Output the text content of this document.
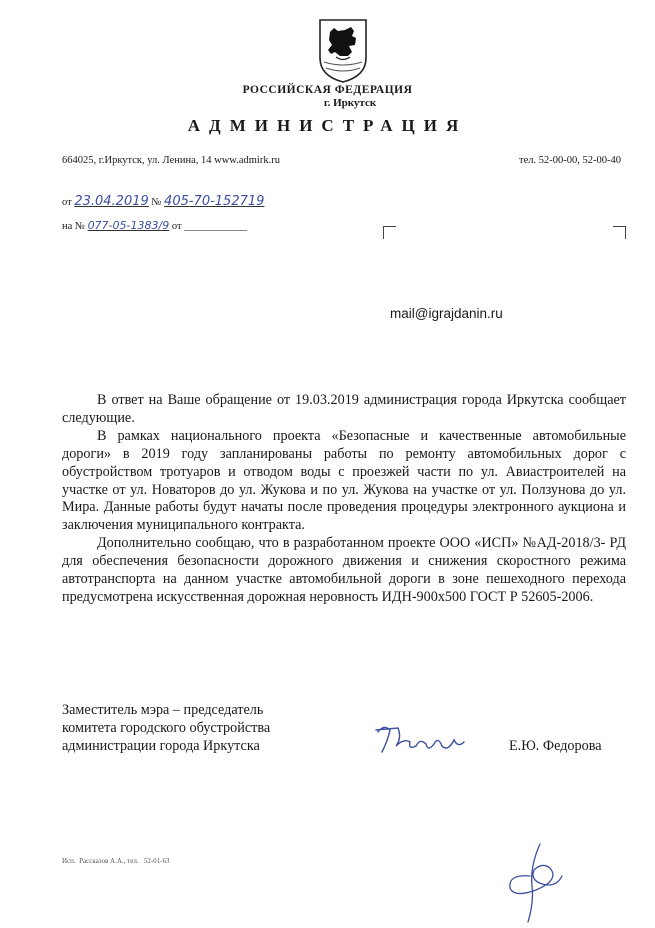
РОССИЙСКАЯ ФЕДЕРАЦИЯ
г. Иркутск
АДМИНИСТРАЦИЯ
664025, г.Иркутск, ул. Ленина, 14 www.admirk.ru	тел. 52-00-00, 52-00-40
от 23.04.2019 № 405-70-152719
на № 077-05-1383/9 от ____________
mail@igrajdanin.ru

В ответ на Ваше обращение от 19.03.2019 администрация города Иркутска сообщает следующие.

В рамках национального проекта «Безопасные и качественные автомобильные дороги» в 2019 году запланированы работы по ремонту автомобильных дорог с обустройством тротуаров и отводом воды с проезжей части по ул. Авиастроителей на участке от ул. Новаторов до ул. Жукова и по ул. Жукова на участке от ул. Ползунова до ул. Мира. Данные работы будут начаты после проведения процедуры электронного аукциона и заключения муниципального контракта.

Дополнительно сообщаю, что в разработанном проекте ООО «ИСП» №АД-2018/3- РД для обеспечения безопасности дорожного движения и снижения скоростного режима автотранспорта на данном участке автомобильной дороги в зоне пешеходного перехода предусмотрена искусственная дорожная неровность ИДН-900х500 ГОСТ Р 52605-2006.

Заместитель мэра – председатель
комитета городского обустройства
администрации города Иркутска	Е.Ю. Федорова
Исп.  Рассказов А.А., тел.   52-01-63
